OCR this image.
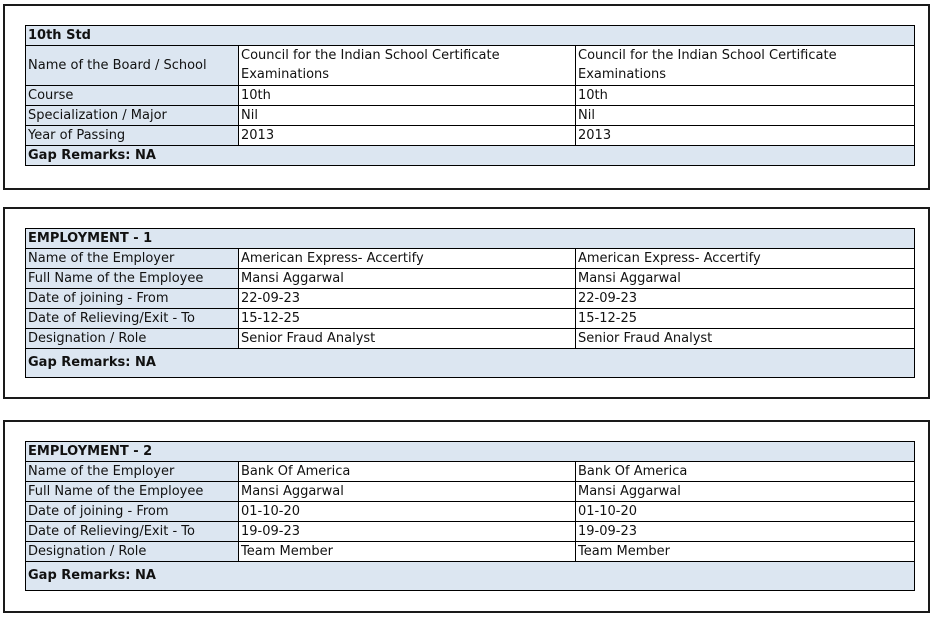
10th Std		
Name of the Board / School	Council for the Indian School Certificate Examinations	Council for the Indian School Certificate Examinations
Course	10th	10th
Specialization / Major	Nil	Nil
Year of Passing	2013	2013
Gap Remarks: NA		
EMPLOYMENT - 1		
Name of the Employer	American Express- Accertify	American Express- Accertify
Full Name of the Employee	Mansi Aggarwal	Mansi Aggarwal
Date of joining - From	22-09-23	22-09-23
Date of Relieving/Exit - To	15-12-25	15-12-25
Designation / Role	Senior Fraud Analyst	Senior Fraud Analyst
Gap Remarks: NA		
EMPLOYMENT - 2		
Name of the Employer	Bank Of America	Bank Of America
Full Name of the Employee	Mansi Aggarwal	Mansi Aggarwal
Date of joining - From	01-10-20	01-10-20
Date of Relieving/Exit - To	19-09-23	19-09-23
Designation / Role	Team Member	Team Member
Gap Remarks: NA		
